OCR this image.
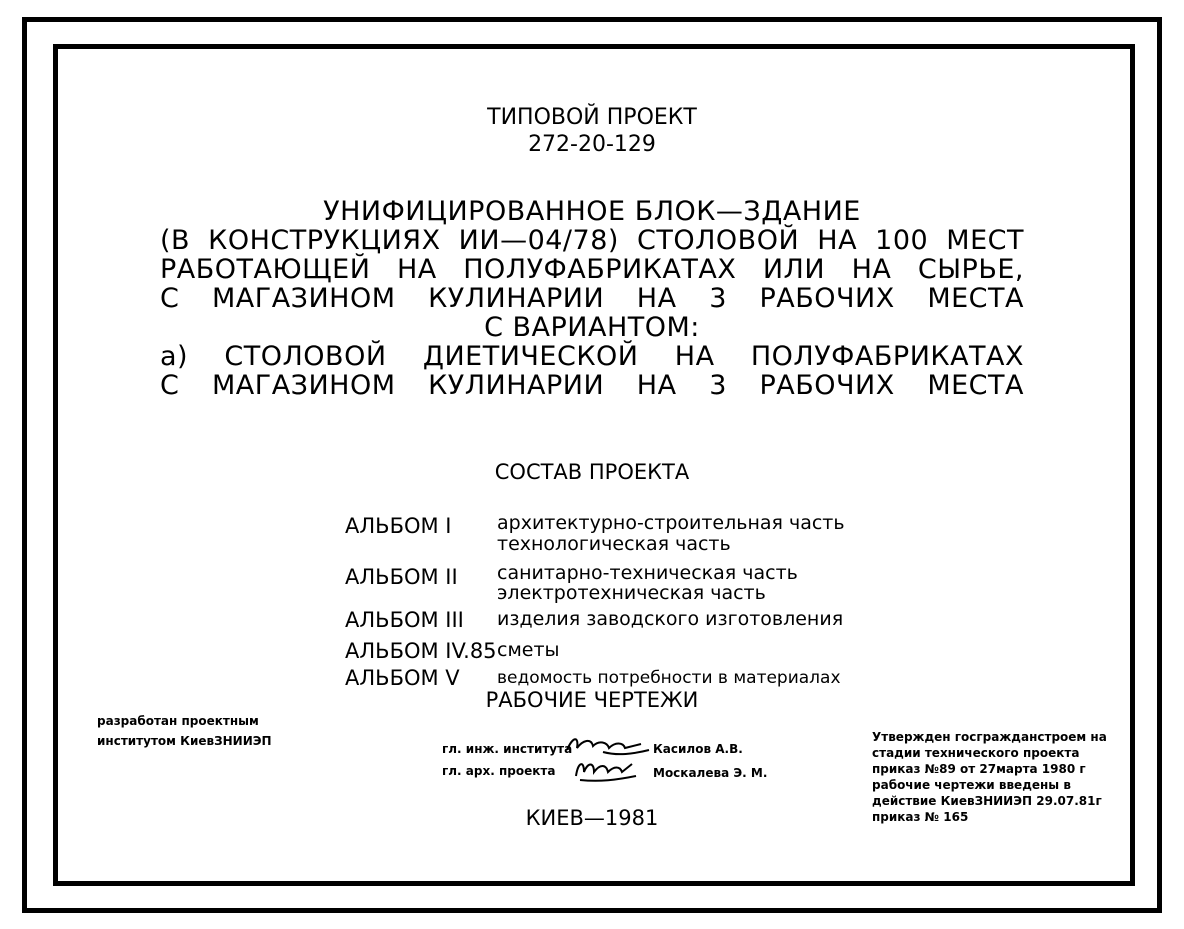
ТИПОВОЙ ПРОЕКТ
272-20-129
УНИФИЦИРОВАННОЕ БЛОК—ЗДАНИЕ
(В КОНСТРУКЦИЯХ ИИ—04/78) СТОЛОВОЙ НА 100 МЕСТ
РАБОТАЮЩЕЙ НА ПОЛУФАБРИКАТАХ ИЛИ НА СЫРЬЕ,
С МАГАЗИНОМ КУЛИНАРИИ НА 3 РАБОЧИХ МЕСТА
С ВАРИАНТОМ:
а) СТОЛОВОЙ ДИЕТИЧЕСКОЙ НА ПОЛУФАБРИКАТАХ
С МАГАЗИНОМ КУЛИНАРИИ НА 3 РАБОЧИХ МЕСТА
СОСТАВ ПРОЕКТА
АЛЬБОМ I архитектурно-строительная часть
технологическая часть
АЛЬБОМ II санитарно-техническая часть
электротехническая часть
АЛЬБОМ III изделия заводского изготовления
АЛЬБОМ IV.85 сметы
АЛЬБОМ V ведомость потребности в материалах
РАБОЧИЕ ЧЕРТЕЖИ
разработан проектным
институтом КиевЗНИИЭП
гл. инж. института	Касилов А.В.
гл. арх. проекта	Москалева Э. М.
Утвержден госгражданстроем на
стадии технического проекта
приказ №89 от 27марта 1980 г
рабочие чертежи введены в
действие КиевЗНИИЭП 29.07.81г
приказ № 165
КИЕВ—1981
